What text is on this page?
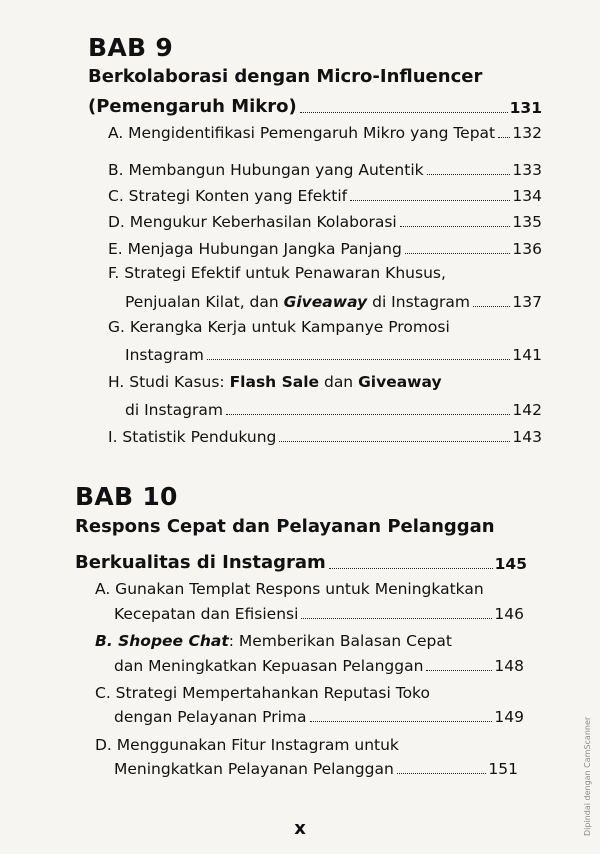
BAB 9
Berkolaborasi dengan Micro-Influencer
(Pemengaruh Mikro)	131
A. Mengidentifikasi Pemengaruh Mikro yang Tepat 132
B. Membangun Hubungan yang Autentik	133
C. Strategi Konten yang Efektif	134
D. Mengukur Keberhasilan Kolaborasi	135
E. Menjaga Hubungan Jangka Panjang	136
F. Strategi Efektif untuk Penawaran Khusus,
Penjualan Kilat, dan Giveaway di Instagram	137
G. Kerangka Kerja untuk Kampanye Promosi
Instagram	141
H. Studi Kasus: Flash Sale dan Giveaway
di Instagram	142
I. Statistik Pendukung	143
BAB 10
Respons Cepat dan Pelayanan Pelanggan
Berkualitas di Instagram	145
A. Gunakan Templat Respons untuk Meningkatkan
Kecepatan dan Efisiensi	146
B. Shopee Chat: Memberikan Balasan Cepat
dan Meningkatkan Kepuasan Pelanggan	148
C. Strategi Mempertahankan Reputasi Toko
dengan Pelayanan Prima	149
D. Menggunakan Fitur Instagram untuk
Meningkatkan Pelayanan Pelanggan	151
x	Dipindai dengan CamScanner
